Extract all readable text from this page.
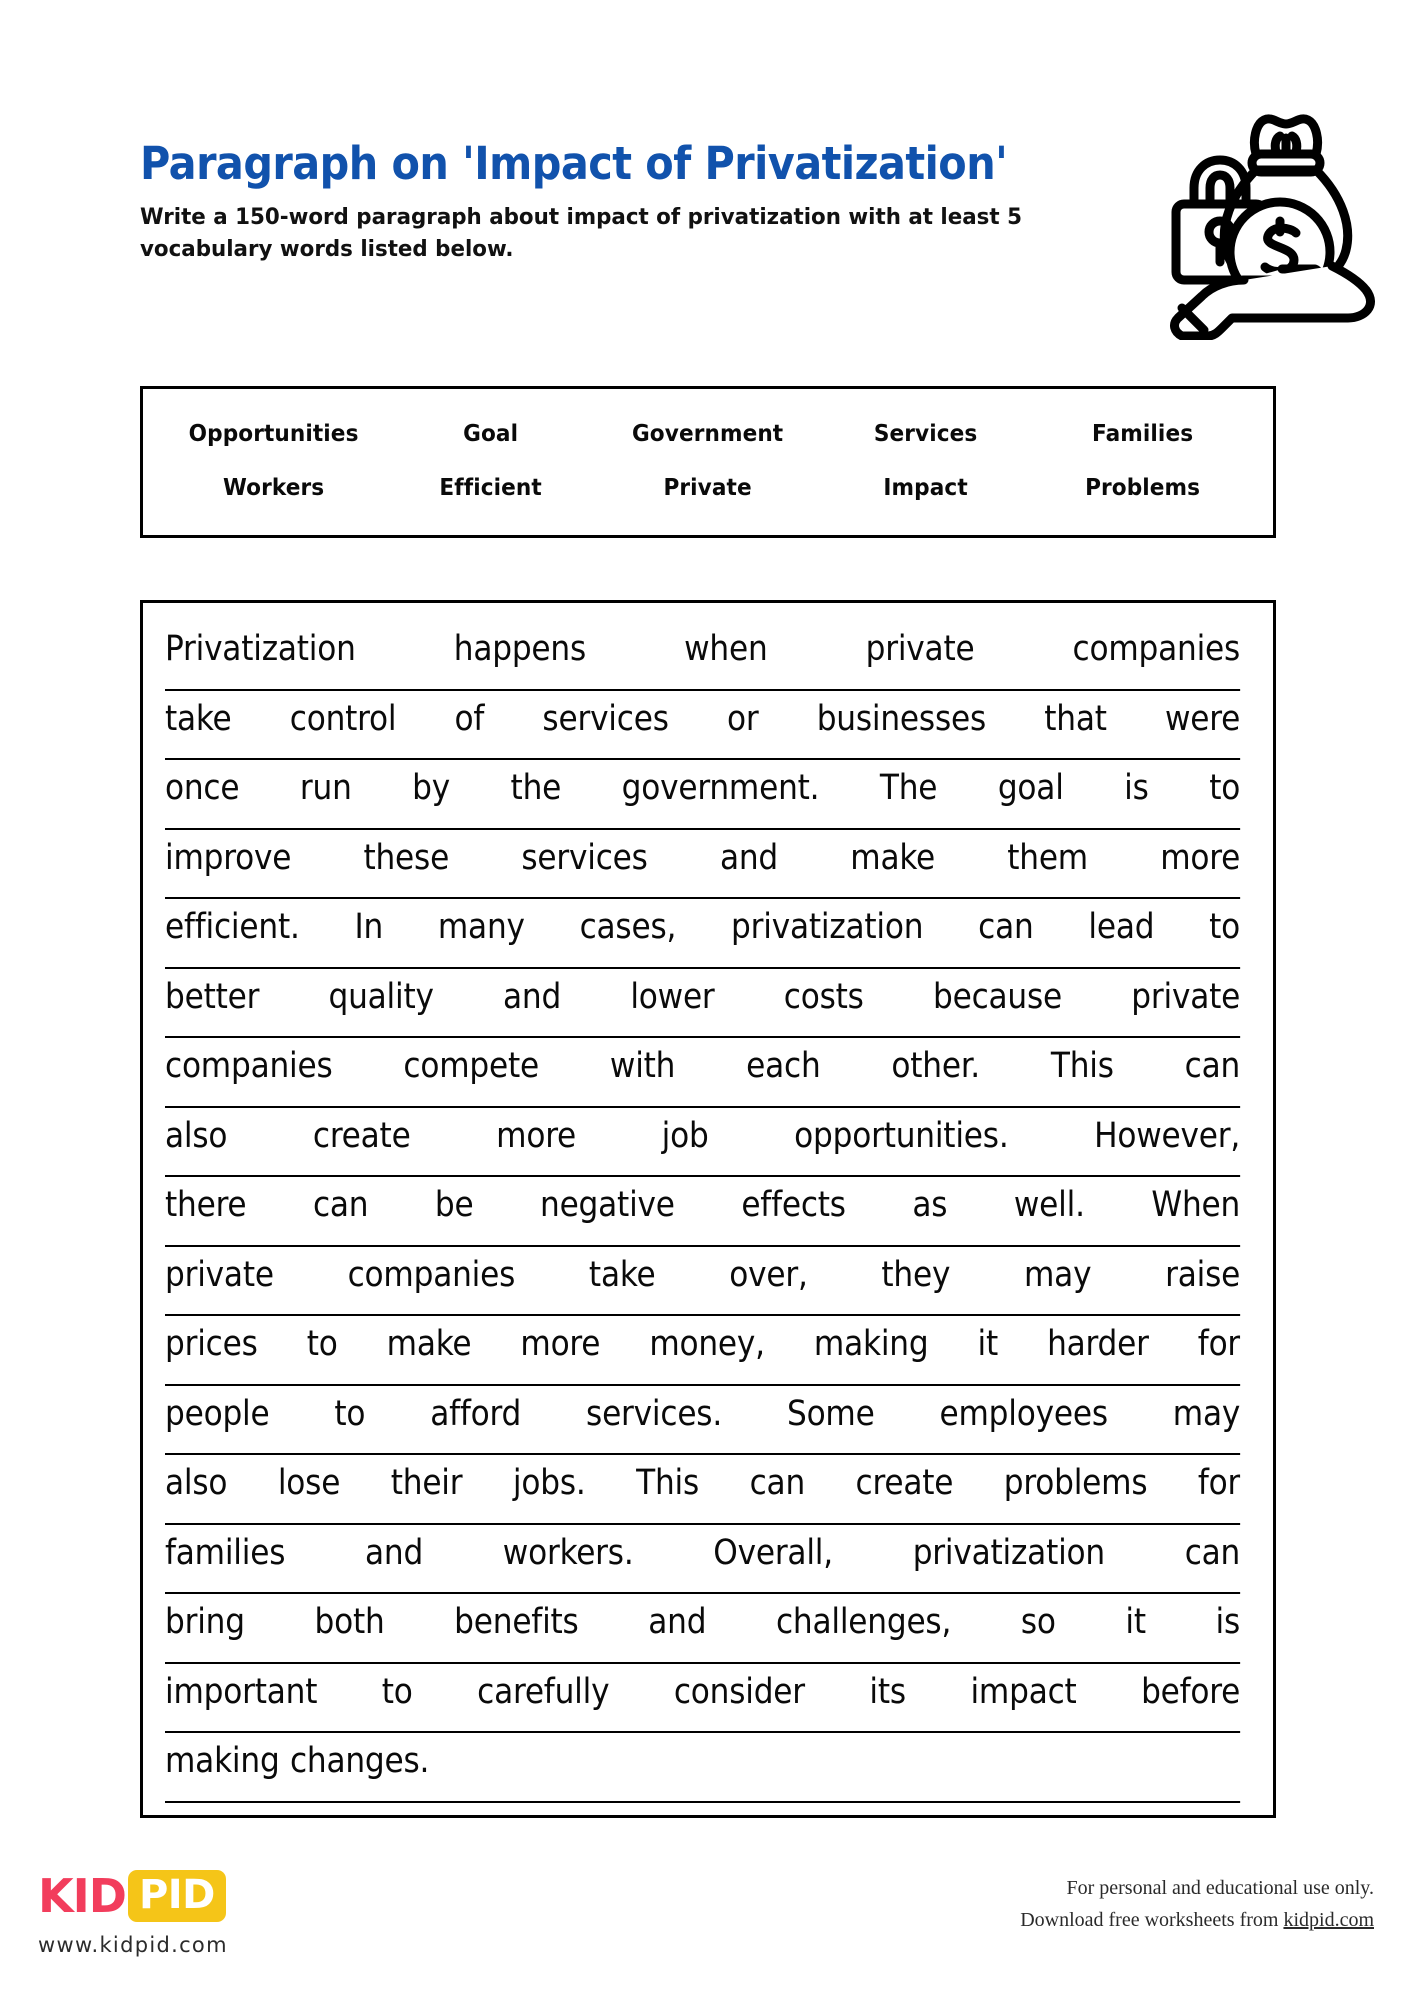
Paragraph on 'Impact of Privatization'
Write a 150-word paragraph about impact of privatization with at least 5 vocabulary words listed below.
Opportunities	Goal	Government	Services	Families
Workers	Efficient	Private	Impact	Problems
Privatization	happens	when	private	companies
take control of services or businesses that were
once run by the government. The goal is to
improve these services and make them more
efficient. In many cases, privatization can lead to
better quality and lower costs because private
companies compete with each other. This can
also create more job opportunities. However,
there can be negative effects as well. When
private companies take over, they may raise
prices to make more money, making it harder for
people to afford services. Some employees may
also lose their jobs. This can create problems for
families and workers. Overall, privatization can
bring both benefits and challenges, so it is
important to carefully consider its impact before
making changes.
KID PID
www.kidpid.com
For personal and educational use only.
Download free worksheets from kidpid.com
